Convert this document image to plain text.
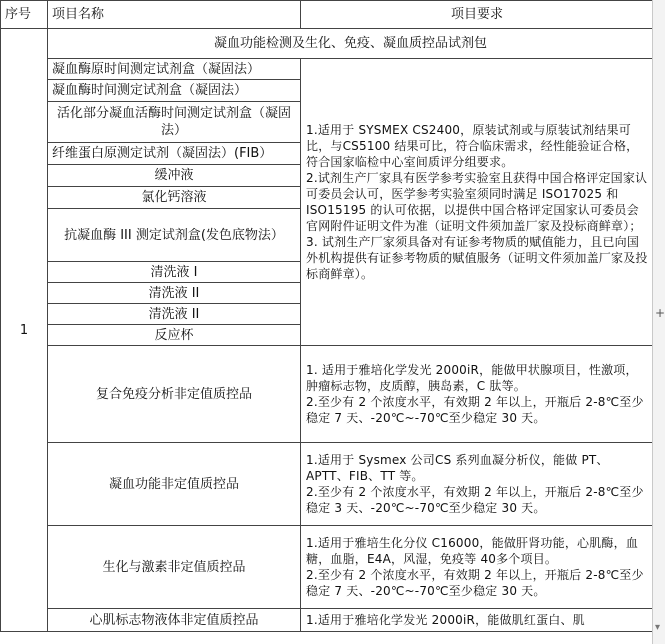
序号	项目名称	项目要求
1	凝血功能检测及生化、免疫、凝血质控品试剂包	
	凝血酶原时间测定试剂盒（凝固法）	1.适用于 SYSMEX CS2400，原装试剂或与原装试剂结果可比，与CS5100 结果可比，符合临床需求，经性能验证合格，符合国家临检中心室间质评分组要求。
2.试剂生产厂家具有医学参考实验室且获得中国合格评定国家认可委员会认可，医学参考实验室须同时满足 ISO17025 和 ISO15195 的认可依据，以提供中国合格评定国家认可委员会官网附件证明文件为准（证明文件须加盖厂家及投标商鲜章）；
3. 试剂生产厂家须具备对有证参考物质的赋值能力，且已向国外机构提供有证参考物质的赋值服务（证明文件须加盖厂家及投标商鲜章）。

	凝血酶时间测定试剂盒（凝固法）	
	活化部分凝血活酶时间测定试剂盒（凝固法）	
	纤维蛋白原测定试剂（凝固法）(FIB）	
	缓冲液	
	氯化钙溶液	
	抗凝血酶 III 测定试剂盒(发色底物法）	
	清洗液 I	
	清洗液 II	
	清洗液 II	
	反应杯	
	复合免疫分析非定值质控品	1. 适用于雅培化学发光 2000iR，能做甲状腺项目，性激项，肿瘤标志物，皮质醇，胰岛素，C 肽等。
2.至少有 2 个浓度水平，有效期 2 年以上，开瓶后 2-8℃至少稳定 7 天、-20℃~-70℃至少稳定 30 天。

	凝血功能非定值质控品	1.适用于 Sysmex 公司CS 系列血凝分析仪，能做 PT、APTT、FIB、TT 等。
2.至少有 2 个浓度水平，有效期 2 年以上，开瓶后 2-8℃至少稳定 3 天、-20℃~-70℃至少稳定 30 天。

	生化与激素非定值质控品	1.适用于雅培生化分仪 C16000，能做肝肾功能，心肌酶，血糖，血脂，E4A，风湿，免疫等 40多个项目。
2.至少有 2 个浓度水平，有效期 2 年以上，开瓶后 2-8℃至少稳定 7 天、-20℃~-70℃至少稳定 30 天。

	心肌标志物液体非定值质控品	1.适用于雅培化学发光 2000iR，能做肌红蛋白、肌
+
▾
